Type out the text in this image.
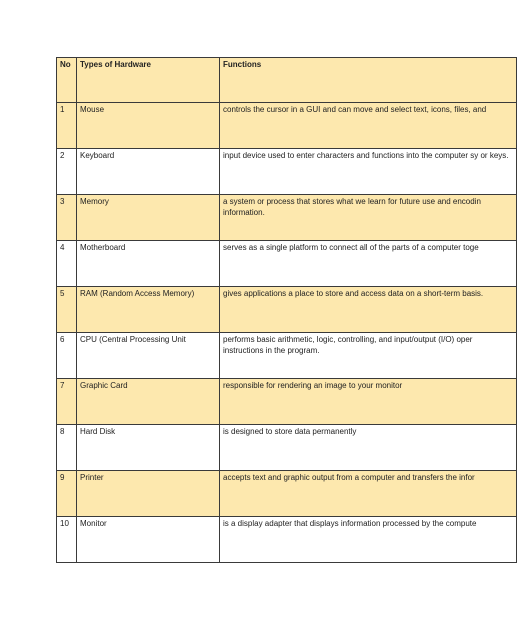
No	Types of Hardware	Functions
1	Mouse	controls the cursor in a GUI and can move and select text, icons, files, and
2	Keyboard	input device used to enter characters and functions into the computer sy or keys.
3	Memory	a system or process that stores what we learn for future use and encodin information.
4	Motherboard	serves as a single platform to connect all of the parts of a computer toge
5	RAM (Random Access Memory)	gives applications a place to store and access data on a short-term basis.
6	CPU (Central Processing Unit	performs basic arithmetic, logic, controlling, and input/output (I/O) oper instructions in the program.
7	Graphic Card	responsible for rendering an image to your monitor
8	Hard Disk	is designed to store data permanently
9	Printer	accepts text and graphic output from a computer and transfers the infor
10	Monitor	is a display adapter that displays information processed by the compute
